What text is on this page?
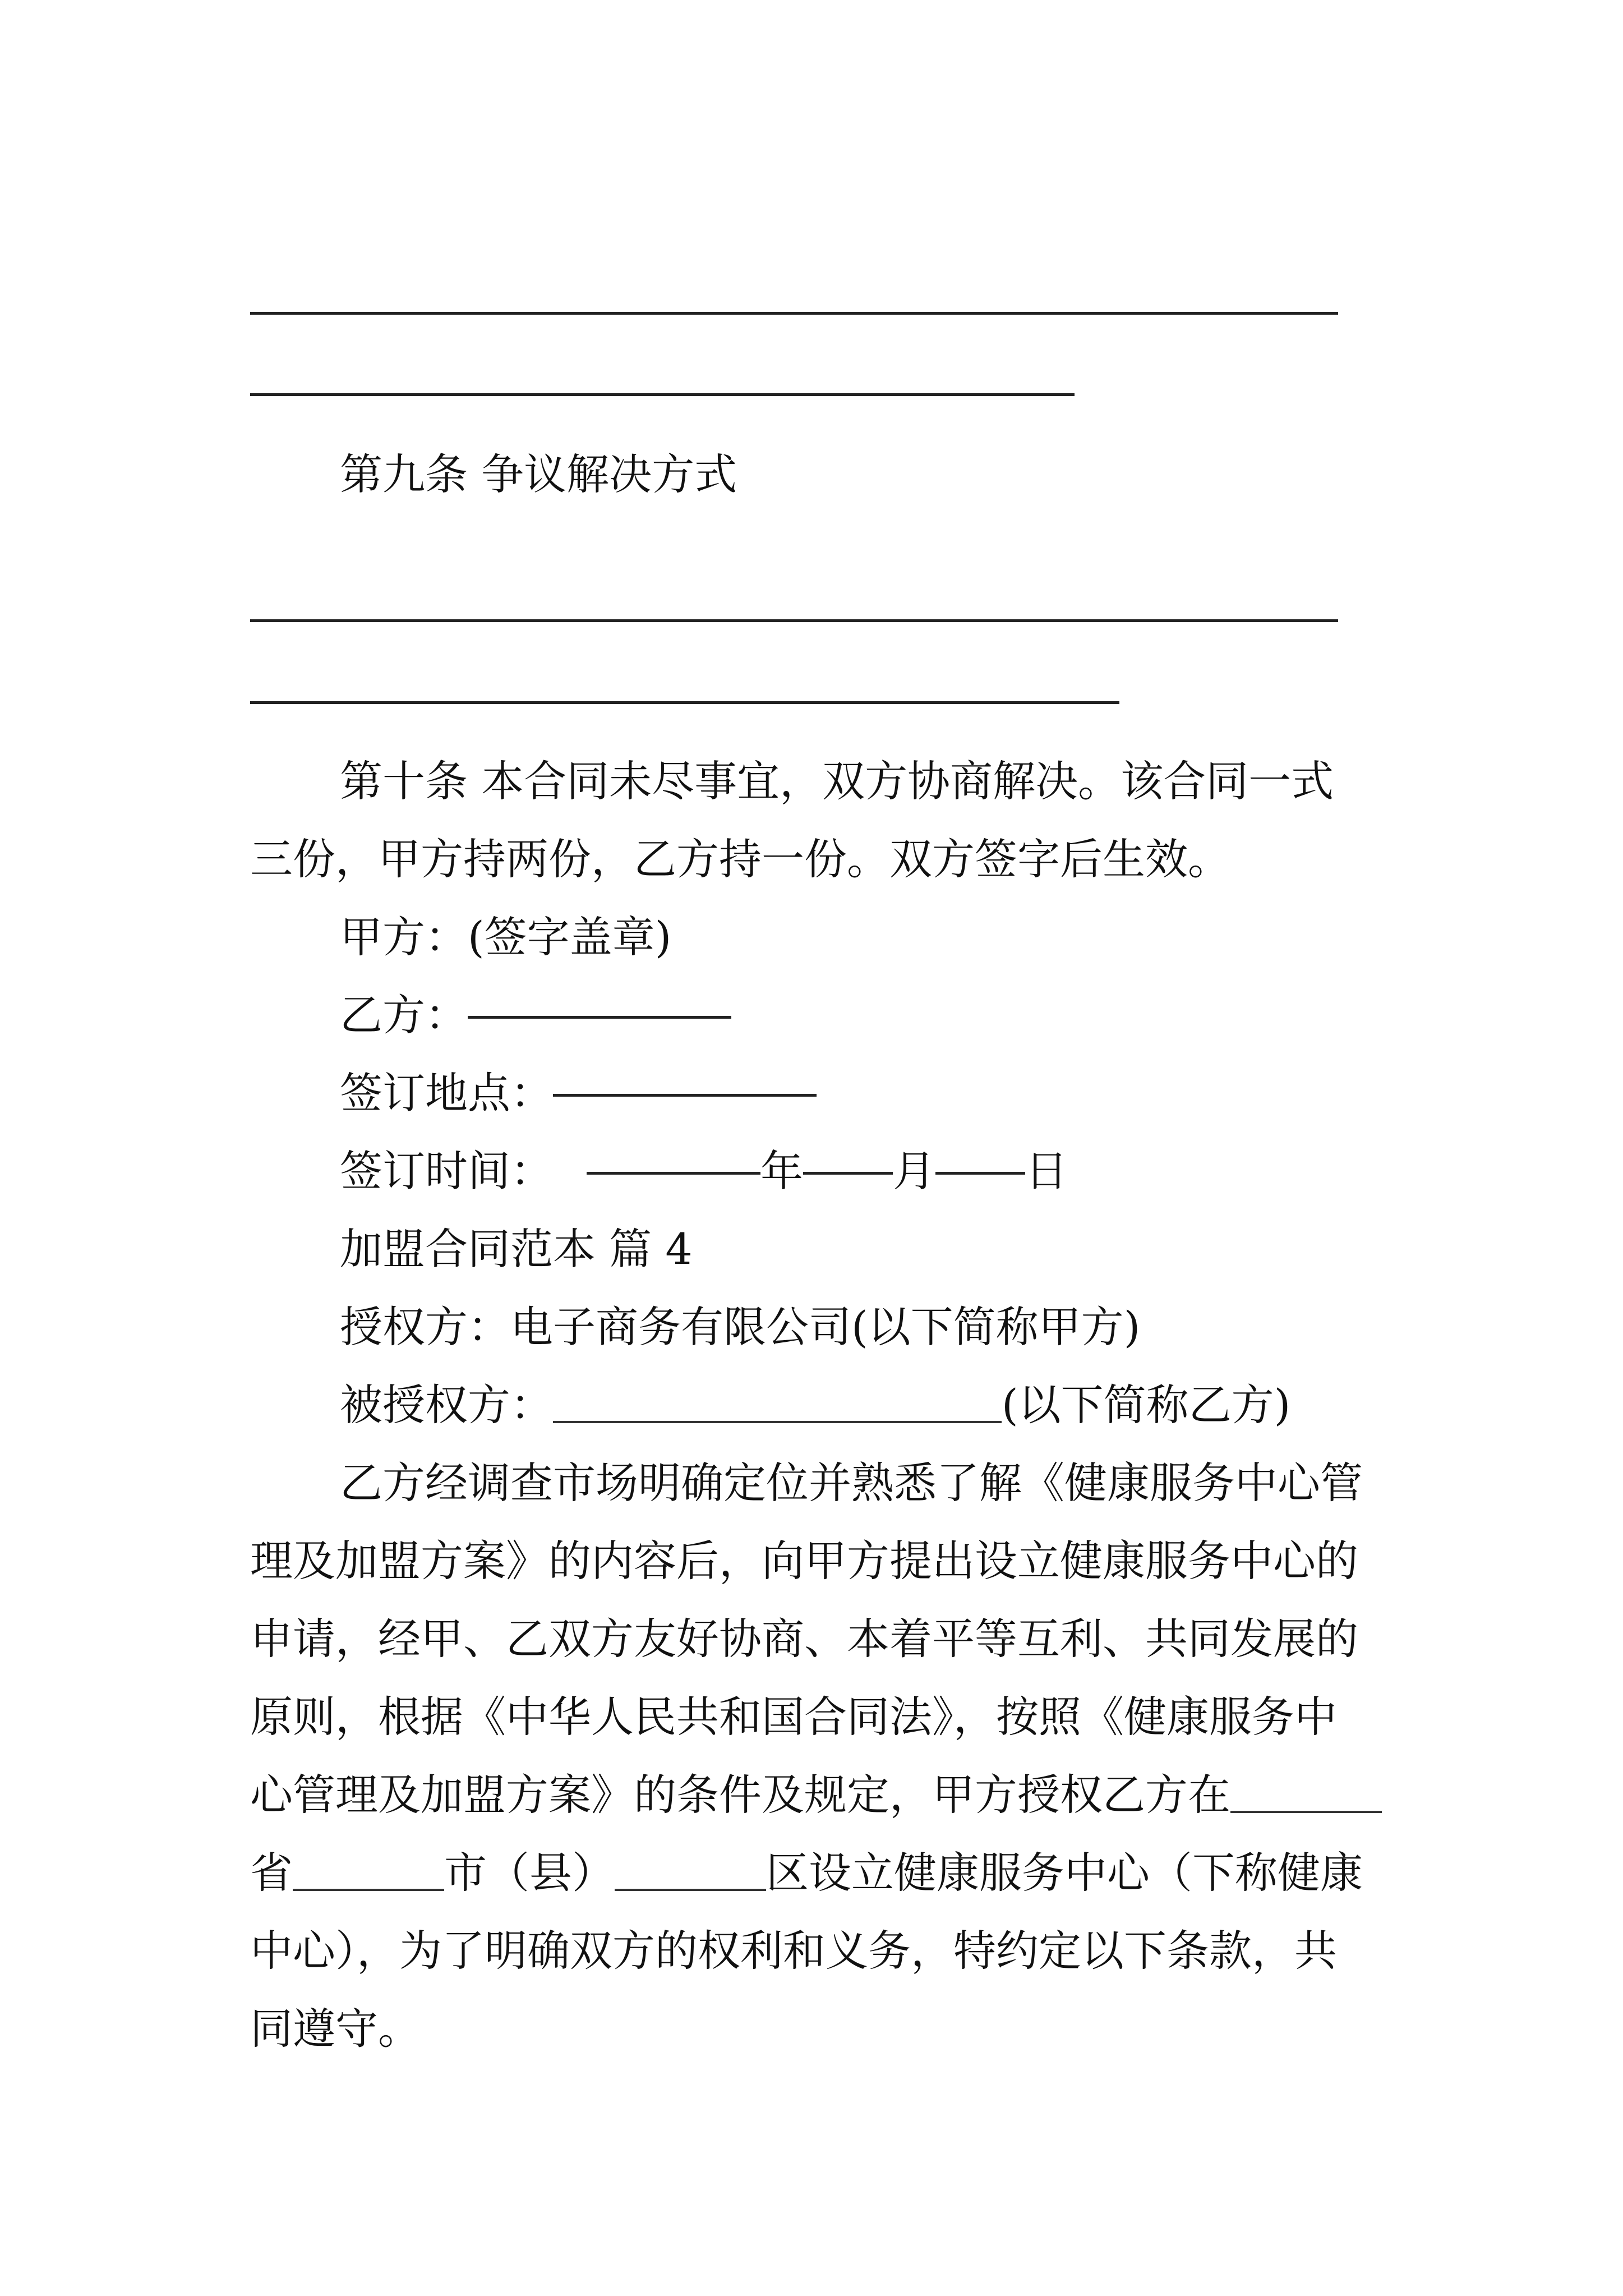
第九条 争议解决方式
第十条 本合同未尽事宜，双方协商解决。该合同一式
三份，甲方持两份，乙方持一份。双方签字后生效。
甲方：(签字盖章)
乙方：
签订地点：
签订时间：	年 月 日
加盟合同范本 篇 4
授权方：电子商务有限公司(以下简称甲方)
被授权方：	(以下简称乙方)
乙方经调查市场明确定位并熟悉了解《健康服务中心管
理及加盟方案》的内容后，向甲方提出设立健康服务中心的
申请，经甲、乙双方友好协商、本着平等互利、共同发展的
原则，根据《中华人民共和国合同法》，按照《健康服务中
心管理及加盟方案》的条件及规定，甲方授权乙方在
省	市（县）	区设立健康服务中心（下称健康
中心），为了明确双方的权利和义务，特约定以下条款，共
同遵守。
